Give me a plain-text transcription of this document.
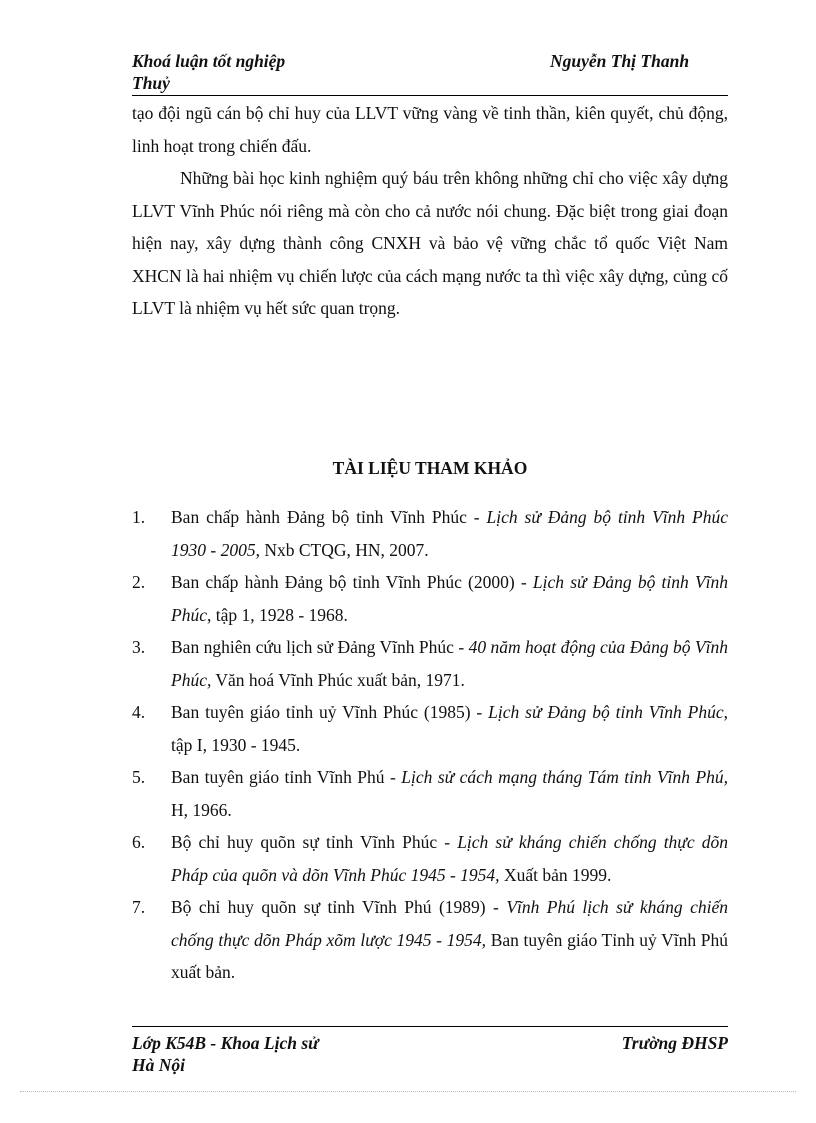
Khoá luận tốt nghiệp
Thuỷ
Nguyễn Thị Thanh

tạo đội ngũ cán bộ chỉ huy của LLVT vững vàng về tinh thần, kiên quyết, chủ động, linh hoạt trong chiến đấu.

Những bài học kinh nghiệm quý báu trên không những chỉ cho việc xây dựng LLVT Vĩnh Phúc nói riêng mà còn cho cả nước nói chung. Đặc biệt trong giai đoạn hiện nay, xây dựng thành công CNXH và bảo vệ vững chắc tổ quốc Việt Nam XHCN là hai nhiệm vụ chiến lược của cách mạng nước ta thì việc xây dựng, củng cố LLVT là nhiệm vụ hết sức quan trọng.

TÀI LIỆU THAM KHẢO
1. Ban chấp hành Đảng bộ tỉnh Vĩnh Phúc - Lịch sử Đảng bộ tỉnh Vĩnh Phúc 1930 - 2005, Nxb CTQG, HN, 2007.
2. Ban chấp hành Đảng bộ tỉnh Vĩnh Phúc (2000) - Lịch sử Đảng bộ tỉnh Vĩnh Phúc, tập 1, 1928 - 1968.
3. Ban nghiên cứu lịch sử Đảng Vĩnh Phúc - 40 năm hoạt động của Đảng bộ Vĩnh Phúc, Văn hoá Vĩnh Phúc xuất bản, 1971.
4. Ban tuyên giáo tỉnh uỷ Vĩnh Phúc (1985) - Lịch sử Đảng bộ tỉnh Vĩnh Phúc, tập I, 1930 - 1945.
5. Ban tuyên giáo tỉnh Vĩnh Phú - Lịch sử cách mạng tháng Tám tỉnh Vĩnh Phú, H, 1966.
6. Bộ chỉ huy quõn sự tỉnh Vĩnh Phúc - Lịch sử kháng chiến chống thực dõn Pháp của quõn và dõn Vĩnh Phúc 1945 - 1954, Xuất bản 1999.
7. Bộ chỉ huy quõn sự tỉnh Vĩnh Phú (1989) - Vĩnh Phú lịch sử kháng chiến chống thực dõn Pháp xõm lược 1945 - 1954, Ban tuyên giáo Tỉnh uỷ Vĩnh Phú xuất bản.
Lớp K54B - Khoa Lịch sử
Hà Nội
Trường ĐHSP
